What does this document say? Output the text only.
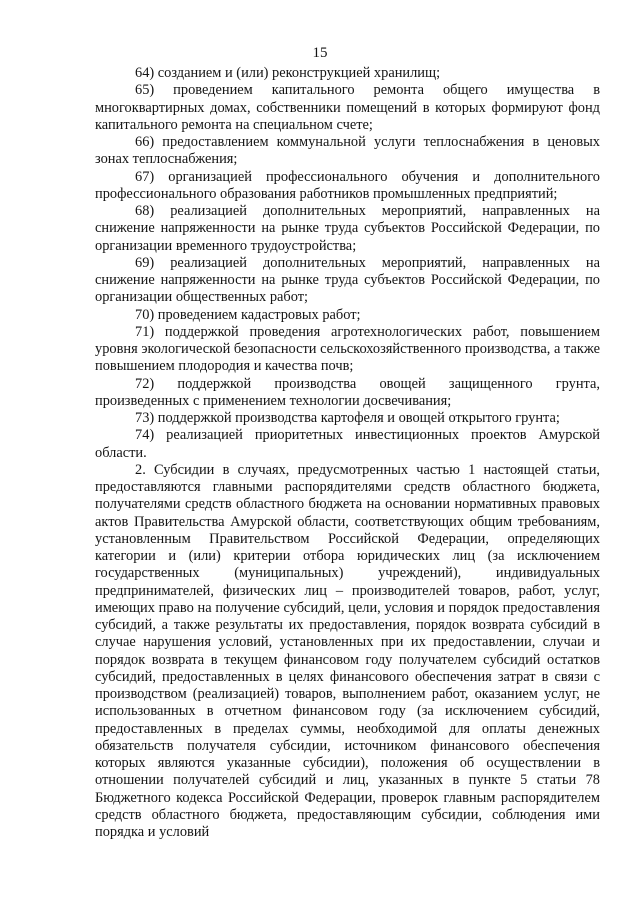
15

64) созданием и (или) реконструкцией хранилищ;

65) проведением капитального ремонта общего имущества в многоквартирных домах, собственники помещений в которых формируют фонд капитального ремонта на специальном счете;

66) предоставлением коммунальной услуги теплоснабжения в ценовых зонах теплоснабжения;

67) организацией профессионального обучения и дополнительного профессионального образования работников промышленных предприятий;

68) реализацией дополнительных мероприятий, направленных на снижение напряженности на рынке труда субъектов Российской Федерации, по организации временного трудоустройства;

69) реализацией дополнительных мероприятий, направленных на снижение напряженности на рынке труда субъектов Российской Федерации, по организации общественных работ;

70) проведением кадастровых работ;

71) поддержкой проведения агротехнологических работ, повышением уровня экологической безопасности сельскохозяйственного производства, а также повышением плодородия и качества почв;

72) поддержкой производства овощей защищенного грунта, произведенных с применением технологии досвечивания;

73) поддержкой производства картофеля и овощей открытого грунта;

74) реализацией приоритетных инвестиционных проектов Амурской области.

2. Субсидии в случаях, предусмотренных частью 1 настоящей статьи, предоставляются главными распорядителями средств областного бюджета, получателями средств областного бюджета на основании нормативных правовых актов Правительства Амурской области, соответствующих общим требованиям, установленным Правительством Российской Федерации, определяющих категории и (или) критерии отбора юридических лиц (за исключением государственных (муниципальных) учреждений), индивидуальных предпринимателей, физических лиц – производителей товаров, работ, услуг, имеющих право на получение субсидий, цели, условия и порядок предоставления субсидий, а также результаты их предоставления, порядок возврата субсидий в случае нарушения условий, установленных при их предоставлении, случаи и порядок возврата в текущем финансовом году получателем субсидий остатков субсидий, предоставленных в целях финансового обеспечения затрат в связи с производством (реализацией) товаров, выполнением работ, оказанием услуг, не использованных в отчетном финансовом году (за исключением субсидий, предоставленных в пределах суммы, необходимой для оплаты денежных обязательств получателя субсидии, источником финансового обеспечения которых являются указанные субсидии), положения об осуществлении в отношении получателей субсидий и лиц, указанных в пункте 5 статьи 78 Бюджетного кодекса Российской Федерации, проверок главным распорядителем средств областного бюджета, предоставляющим субсидии, соблюдения ими порядка и условий
